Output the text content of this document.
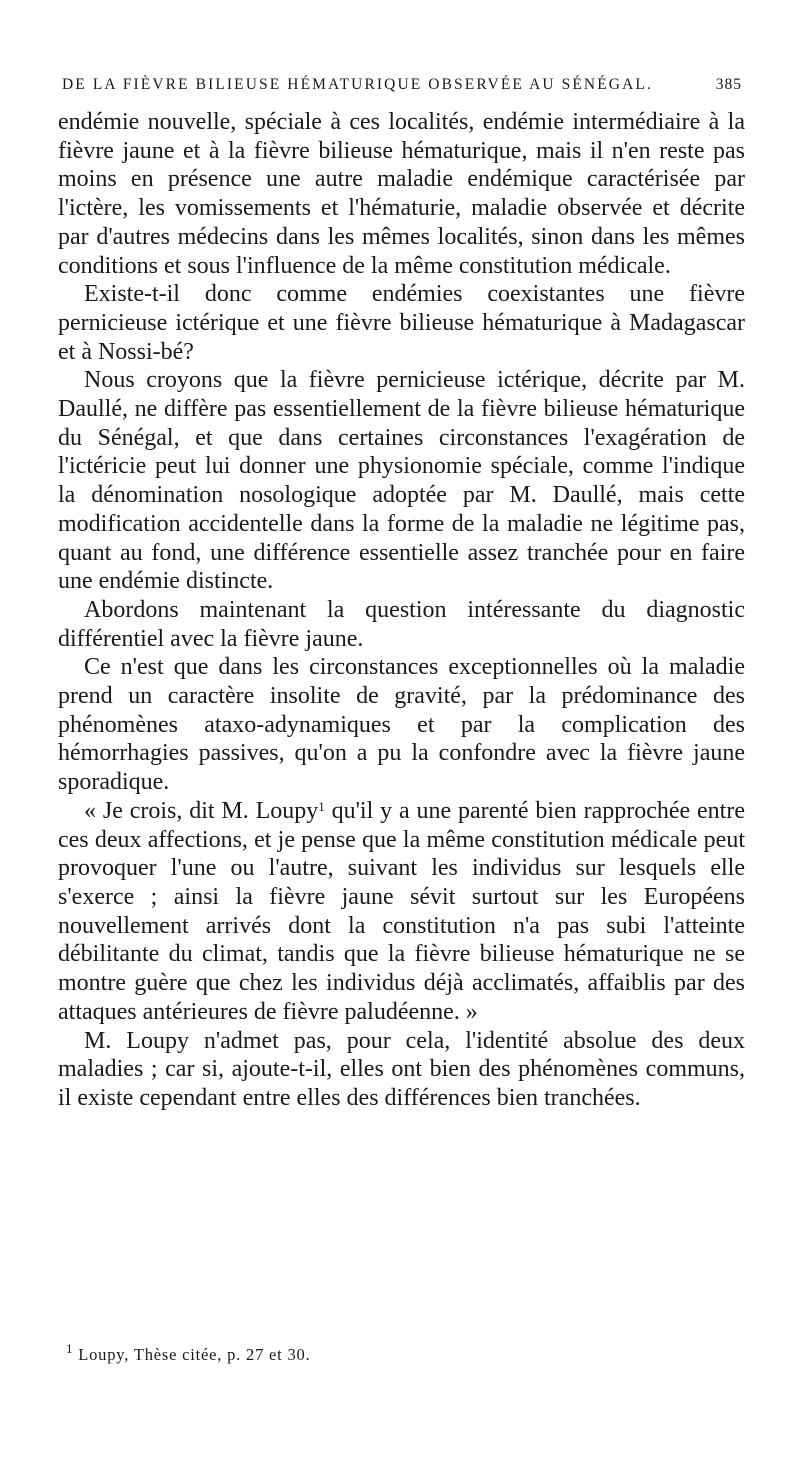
DE LA FIÈVRE BILIEUSE HÉMATURIQUE OBSERVÉE AU SÉNÉGAL.	385

endémie nouvelle, spéciale à ces localités, endémie intermédiaire à la fièvre jaune et à la fièvre bilieuse hématurique, mais il n'en reste pas moins en présence une autre maladie endémique caractérisée par l'ictère, les vomissements et l'hématurie, maladie observée et décrite par d'autres médecins dans les mêmes localités, sinon dans les mêmes conditions et sous l'influence de la même constitution médicale.

Existe-t-il donc comme endémies coexistantes une fièvre pernicieuse ictérique et une fièvre bilieuse hématurique à Madagascar et à Nossi-bé?

Nous croyons que la fièvre pernicieuse ictérique, décrite par M. Daullé, ne diffère pas essentiellement de la fièvre bilieuse hématurique du Sénégal, et que dans certaines circonstances l'exagération de l'ictéricie peut lui donner une physionomie spéciale, comme l'indique la dénomination nosologique adoptée par M. Daullé, mais cette modification accidentelle dans la forme de la maladie ne légitime pas, quant au fond, une différence essentielle assez tranchée pour en faire une endémie distincte.

Abordons maintenant la question intéressante du diagnostic différentiel avec la fièvre jaune.

Ce n'est que dans les circonstances exceptionnelles où la maladie prend un caractère insolite de gravité, par la prédominance des phénomènes ataxo-adynamiques et par la complication des hémorrhagies passives, qu'on a pu la confondre avec la fièvre jaune sporadique.

« Je crois, dit M. Loupy$^1$ qu'il y a une parenté bien rapprochée entre ces deux affections, et je pense que la même constitution médicale peut provoquer l'une ou l'autre, suivant les individus sur lesquels elle s'exerce ; ainsi la fièvre jaune sévit surtout sur les Européens nouvellement arrivés dont la constitution n'a pas subi l'atteinte débilitante du climat, tandis que la fièvre bilieuse hématurique ne se montre guère que chez les individus déjà acclimatés, affaiblis par des attaques antérieures de fièvre paludéenne. »

M. Loupy n'admet pas, pour cela, l'identité absolue des deux maladies ; car si, ajoute-t-il, elles ont bien des phénomènes communs, il existe cependant entre elles des différences bien tranchées.

$^1$ Loupy, Thèse citée, p. 27 et 30.
